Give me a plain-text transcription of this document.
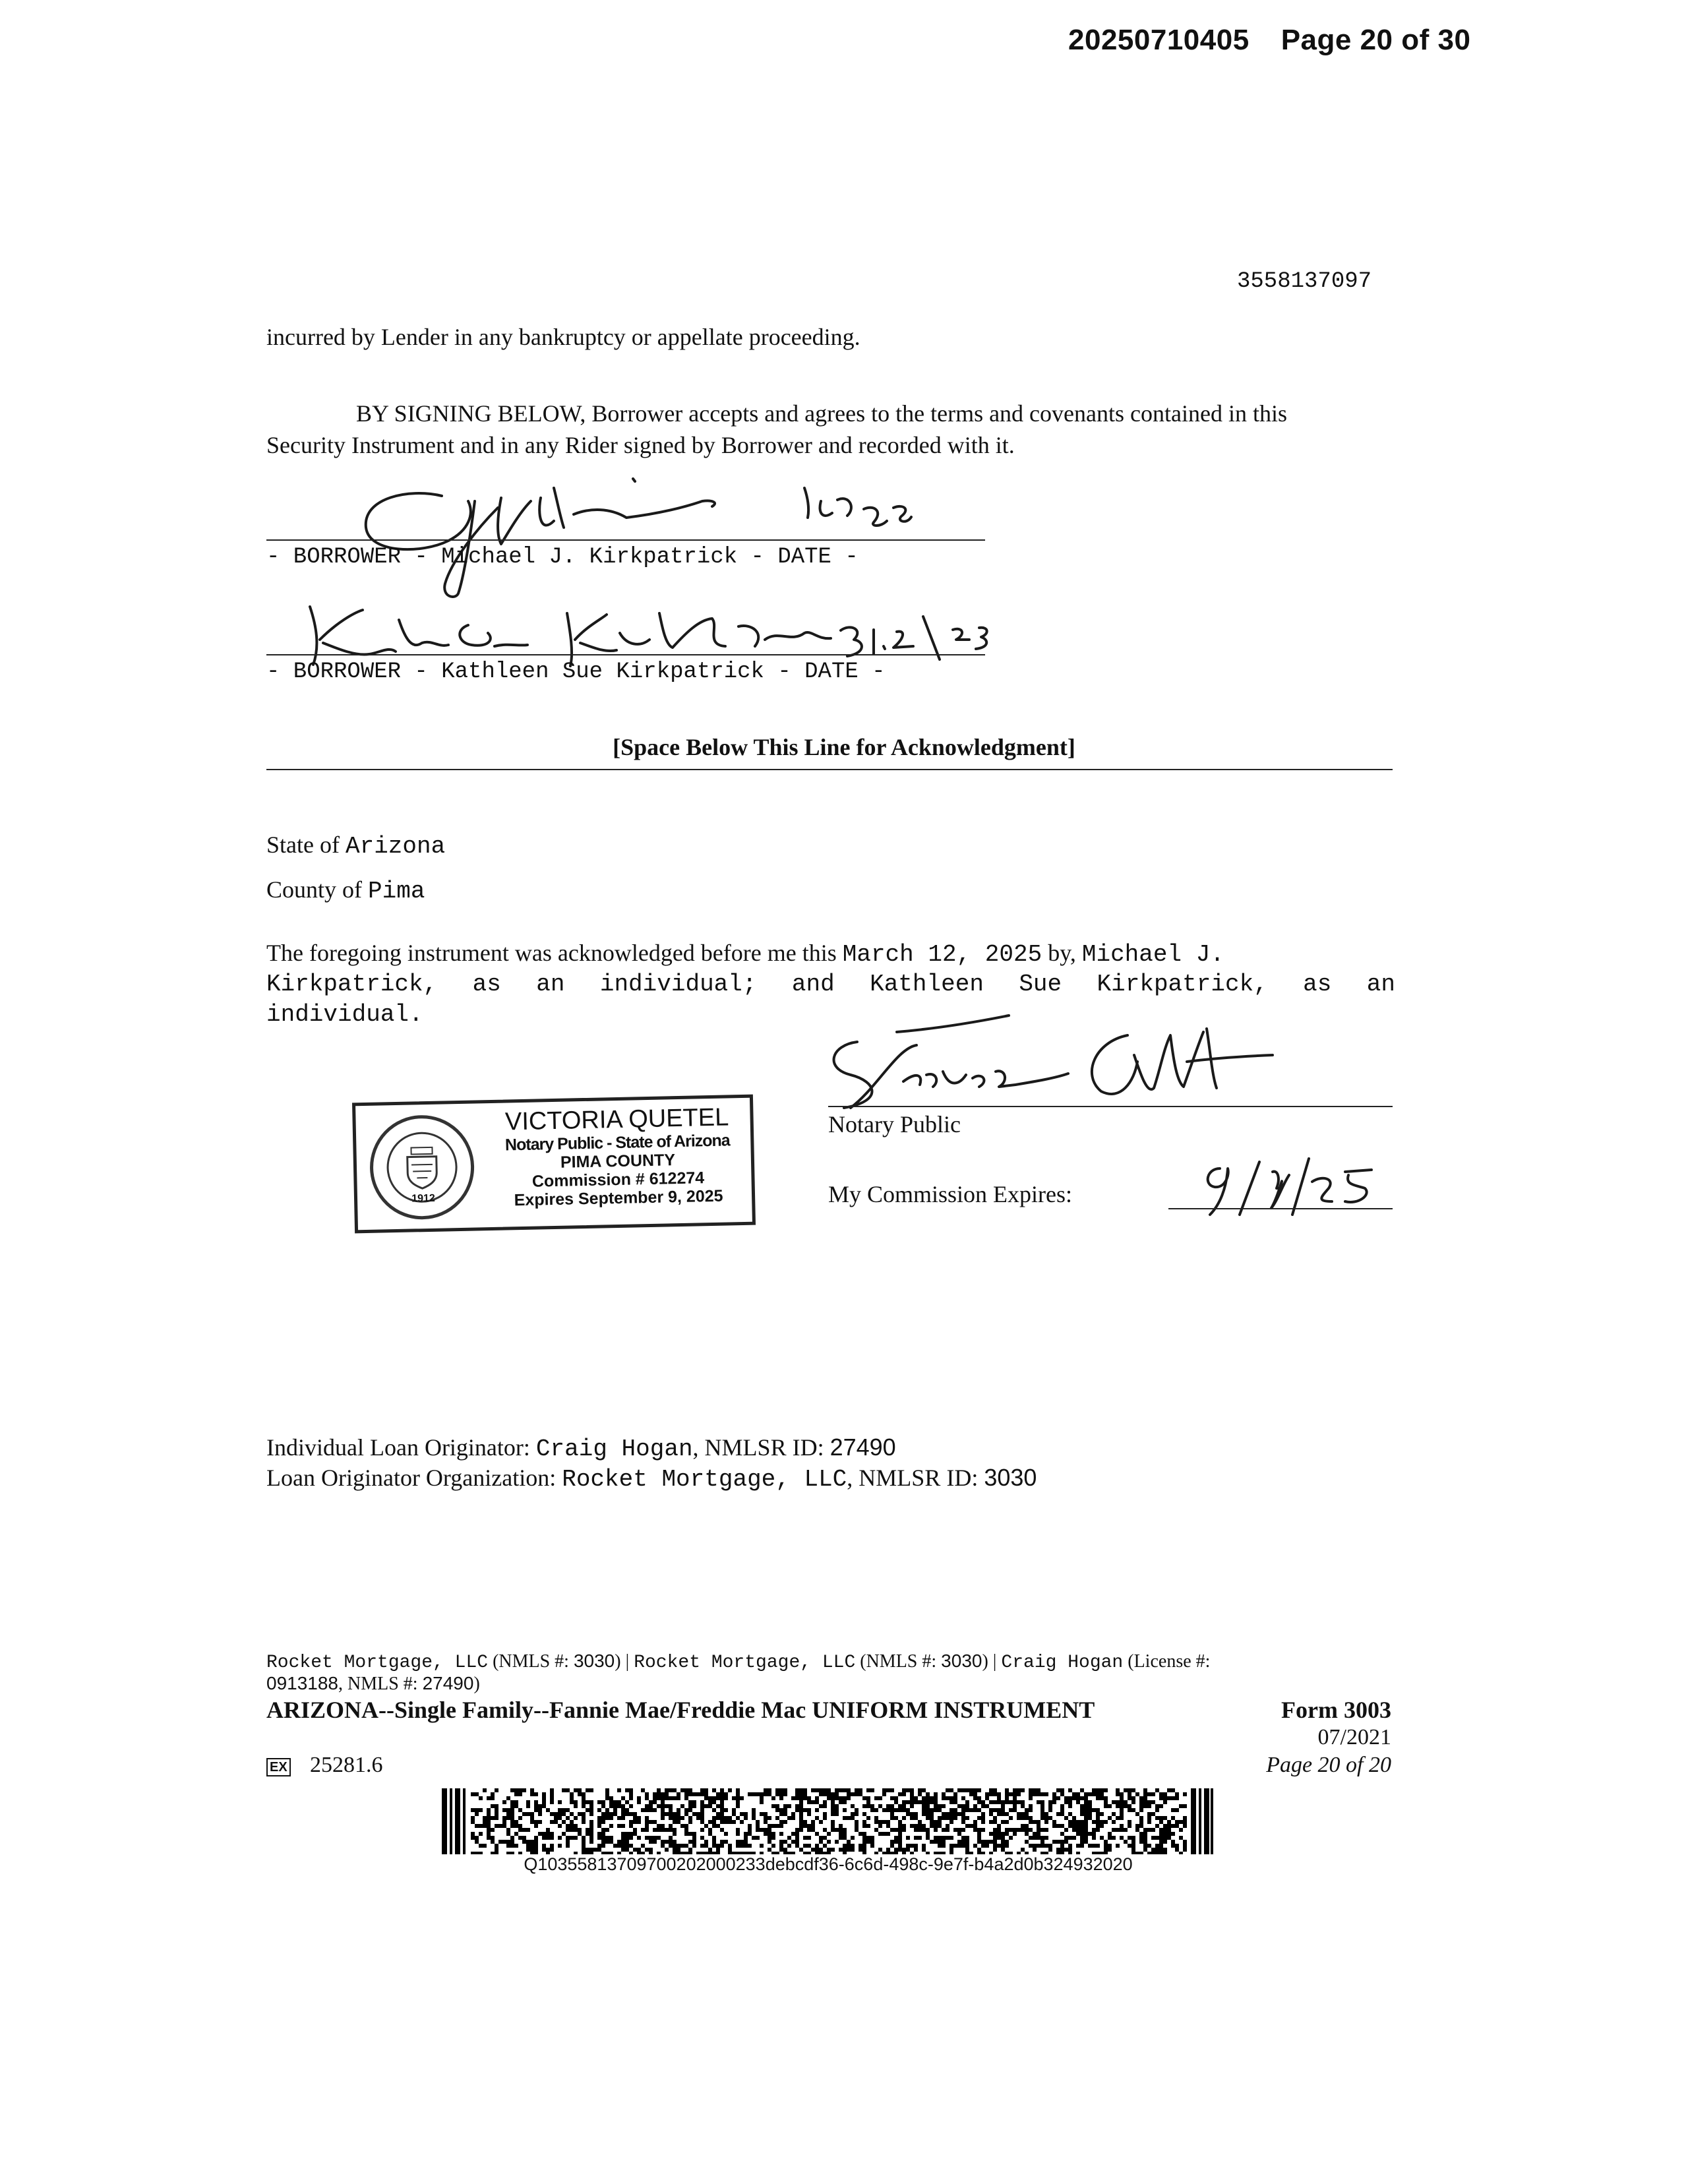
20250710405 Page 20 of 30
3558137097
incurred by Lender in any bankruptcy or appellate proceeding.
BY SIGNING BELOW, Borrower accepts and agrees to the terms and covenants contained in this
Security Instrument and in any Rider signed by Borrower and recorded with it.
- BORROWER - Michael J. Kirkpatrick - DATE -
- BORROWER - Kathleen Sue Kirkpatrick - DATE -
[Space Below This Line for Acknowledgment]
State of Arizona
County of Pima
The foregoing instrument was acknowledged before me this March 12, 2025 by, Michael J.
Kirkpatrick, as an individual; and Kathleen Sue Kirkpatrick, as an
individual.
Notary Public
My Commission Expires:
1912
VICTORIA QUETEL
Notary Public - State of Arizona
PIMA COUNTY
Commission # 612274
Expires September 9, 2025
Individual Loan Originator: Craig Hogan, NMLSR ID: 27490
Loan Originator Organization: Rocket Mortgage, LLC, NMLSR ID: 3030
Rocket Mortgage, LLC (NMLS #: 3030) | Rocket Mortgage, LLC (NMLS #: 3030) | Craig Hogan (License #:
0913188, NMLS #: 27490)
ARIZONA--Single Family--Fannie Mae/Freddie Mac UNIFORM INSTRUMENT	Form 3003
07/2021
Page 20 of 20
EX 25281.6
Q10355813709700202000233debcdf36-6c6d-498c-9e7f-b4a2d0b324932020
